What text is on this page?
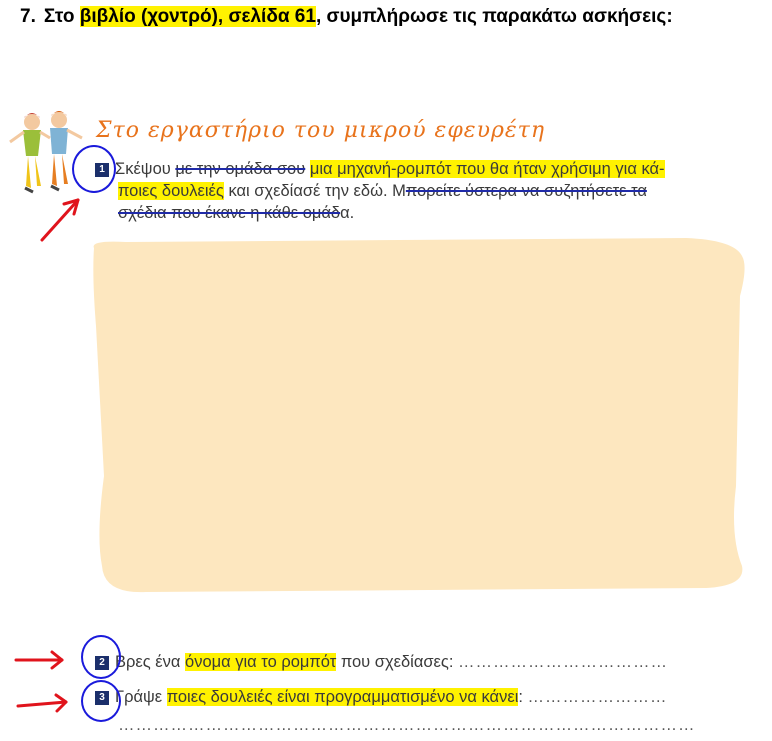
7. Στο βιβλίο (χοντρό), σελίδα 61, συμπλήρωσε τις παρακάτω ασκήσεις:
Στο εργαστήριο του μικρού εφευρέτη
1 Σκέψου με την ομάδα σου μια μηχανή-ρομπότ που θα ήταν χρήσιμη για κά-
ποιες δουλειές και σχεδίασέ την εδώ. Μπορείτε ύστερα να συζητήσετε τα
σχέδια που έκανε η κάθε ομάδα.
2 Βρες ένα όνομα για το ρομπότ που σχεδίασες: ………………………………
3 Γράψε ποιες δουλειές είναι προγραμματισμένο να κάνει: ……………………
………………………………………………………………………………………
